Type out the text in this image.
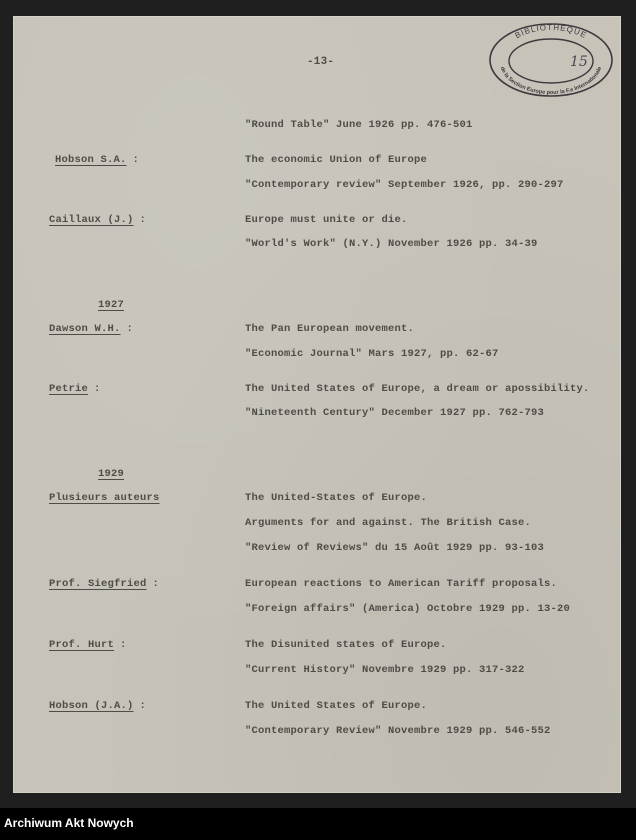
-13-
BIBLIOTHÈQUE
de la Section Europe pour la F.e Internationale
15
"Round Table" June 1926 pp. 476-501
Hobson S.A. :	The economic Union of Europe
"Contemporary review" September 1926, pp. 290-297
Caillaux (J.) :	Europe must unite or die.
"World's Work" (N.Y.) November 1926 pp. 34-39
1927
Dawson W.H. :	The Pan European movement.
"Economic Journal" Mars 1927, pp. 62-67
Petrie :	The United States of Europe, a dream or apossibility.
"Nineteenth Century" December 1927 pp. 762-793
1929
Plusieurs auteurs	The United-States of Europe.
Arguments for and against. The British Case.
"Review of Reviews" du 15 Août 1929 pp. 93-103
Prof. Siegfried :	European reactions to American Tariff proposals.
"Foreign affairs" (America) Octobre 1929 pp. 13-20
Prof. Hurt :	The Disunited states of Europe.
"Current History" Novembre 1929 pp. 317-322
Hobson (J.A.) :	The United States of Europe.
"Contemporary Review" Novembre 1929 pp. 546-552
Archiwum Akt Nowych
